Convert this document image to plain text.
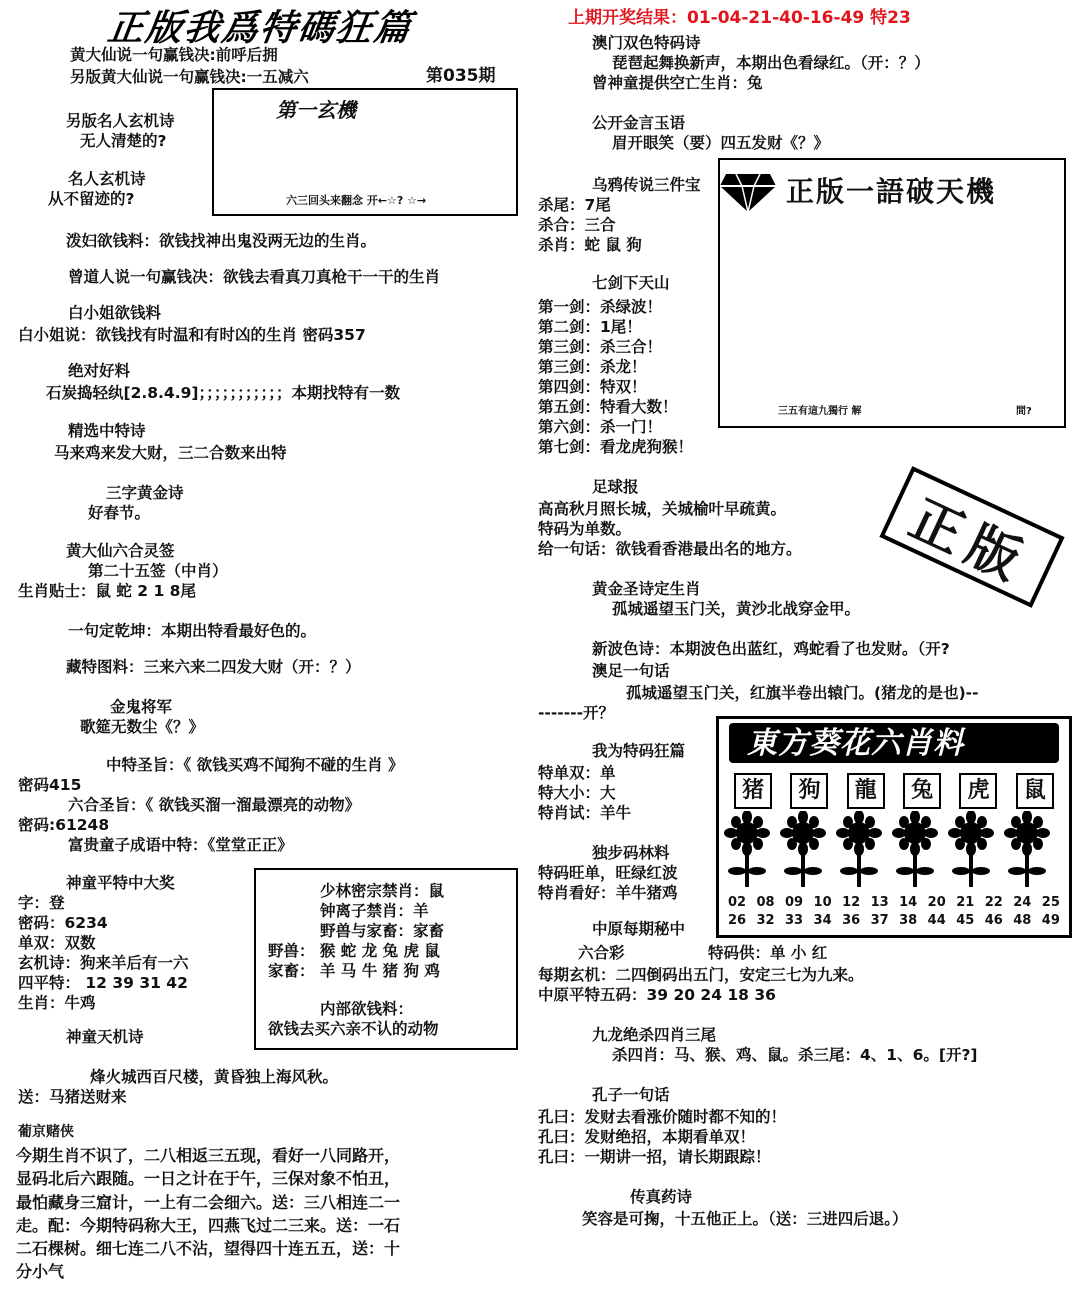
正版我爲特碼狂篇	上期开奖结果：01-04-21-40-16-49 特23
黄大仙说一句赢钱决:前呼后拥
另版黄大仙说一句赢钱决:一五减六
另版名人玄机诗
无人清楚的?
名人玄机诗
从不留迹的?
泼妇欲钱料：欲钱找神出鬼没两无边的生肖。
曾道人说一句赢钱决：欲钱去看真刀真枪干一干的生肖
白小姐欲钱料
白小姐说：欲钱找有时温和有时凶的生肖 密码357
绝对好料
石炭捣轻纨[2.8.4.9]；；；；；；；；；；；本期找特有一数
精选中特诗
马来鸡来发大财，三二合数来出特
三字黄金诗
好春节。
黄大仙六合灵签
第二十五签（中肖）
生肖贴士：鼠 蛇 2 1 8尾
一句定乾坤：本期出特看最好色的。
藏特图料：三来六来二四发大财（开：？）
金鬼将军
歌筵无数尘《？》
中特圣旨：《 欲钱买鸡不闻狗不碰的生肖 》
密码415
六合圣旨：《 欲钱买溜一溜最漂亮的动物》
密码:61248
富贵童子成语中特：《堂堂正正》
神童平特中大奖
字：登
密码：6234
单双：双数
玄机诗：狗来羊后有一六
四平特： 12 39 31 42
生肖：牛鸡
神童天机诗
烽火城西百尺楼，黄昏独上海风秋。
送：马猪送财来
第035期
第一玄機
六三回头来翻念 开←☆? ☆→
少林密宗禁肖：鼠
钟离子禁肖：羊
野兽与家畜：家畜
野兽： 猴 蛇 龙 兔 虎 鼠
家畜： 羊 马 牛 猪 狗 鸡
内部欲钱料：
欲钱去买六亲不认的动物
葡京赌侠
今期生肖不识了，二八相返三五现，看好一八同路开，
显码北后六跟随。一日之计在于午，三保对象不怕丑，
最怕藏身三窟计，一上有二会细六。送：三八相连二一
走。配：今期特码称大王，四燕飞过二三来。送：一石
二石棵树。细七连二八不沾，望得四十连五五，送：十
分小气
澳门双色特码诗
琵琶起舞换新声，本期出色看绿红。（开：？）
曾神童提供空亡生肖：兔
公开金言玉语
眉开眼笑（要）四五发财《？》
乌鸦传说三件宝
杀尾：7尾
杀合：三合
杀肖：蛇 鼠 狗
七剑下天山
第一剑：杀绿波！
第二剑：1尾！
第三剑：杀三合！
第三剑：杀龙！
第四剑：特双！
第五剑：特看大数！
第六剑：杀一门！
第七剑：看龙虎狗猴！
足球报
高高秋月照长城，关城榆叶早疏黄。
特码为单数。
给一句话：欲钱看香港最出名的地方。
黄金圣诗定生肖
孤城遥望玉门关，黄沙北战穿金甲。
新波色诗：本期波色出蓝红，鸡蛇看了也发财。（开?
澳足一句话
孤城遥望玉门关，红旗半卷出辕门。(猪龙的是也)--
-------开？
我为特码狂篇
特单双：单
特大小：大
特肖试：羊牛
独步码林料
特码旺单，旺绿红波
特肖看好：羊牛猪鸡
中原每期秘中
六合彩	特码供：单 小 红
每期玄机：二四倒码出五门，安定三七为九来。
中原平特五码：39 20 24 18 36
九龙绝杀四肖三尾
杀四肖：马、猴、鸡、鼠。杀三尾：4、1、6。[开?]
孔子一句话
孔曰：发财去看涨价随时都不知的！
孔曰：发财绝招，本期看单双！
孔曰：一期讲一招，请长期跟踪！
传真药诗
笑容是可掬，十五他正上。（送：三进四后退。）
正版一語破天機
三五有這九獨行 解	間?
正版
東方葵花六肖料
猪	狗	龍	兔	虎	鼠
02 08 09 10 12 13 14 20 21 22 24 25
26 32 33 34 36 37 38 44 45 46 48 49
